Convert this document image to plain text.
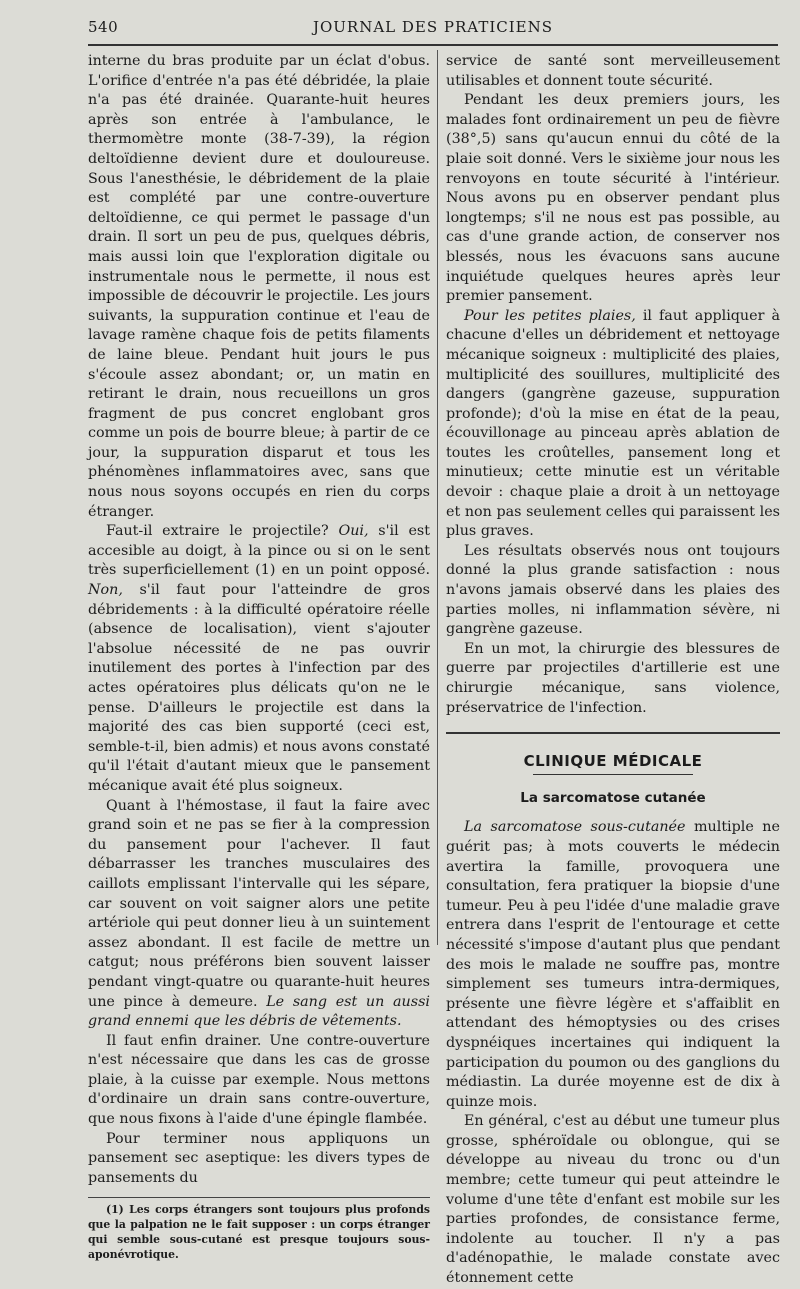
540	JOURNAL DES PRATICIENS

interne du bras produite par un éclat d'obus. L'orifice d'entrée n'a pas été débridée, la plaie n'a pas été drainée. Quarante-huit heures après son entrée à l'ambulance, le thermomètre monte (38-7-39), la région deltoïdienne devient dure et douloureuse. Sous l'anesthésie, le débridement de la plaie est complété par une contre-ouverture deltoïdienne, ce qui permet le passage d'un drain. Il sort un peu de pus, quelques débris, mais aussi loin que l'exploration digitale ou instrumentale nous le permette, il nous est impossible de découvrir le projectile. Les jours suivants, la suppuration continue et l'eau de lavage ramène chaque fois de petits filaments de laine bleue. Pendant huit jours le pus s'écoule assez abondant; or, un matin en retirant le drain, nous recueillons un gros fragment de pus concret englobant gros comme un pois de bourre bleue; à partir de ce jour, la suppuration disparut et tous les phénomènes inflammatoires avec, sans que nous nous soyons occupés en rien du corps étranger.

Faut-il extraire le projectile? Oui, s'il est accesible au doigt, à la pince ou si on le sent très superficiellement (1) en un point opposé. Non, s'il faut pour l'atteindre de gros débridements : à la difficulté opératoire réelle (absence de localisation), vient s'ajouter l'absolue nécessité de ne pas ouvrir inutilement des portes à l'infection par des actes opératoires plus délicats qu'on ne le pense. D'ailleurs le projectile est dans la majorité des cas bien supporté (ceci est, semble-t-il, bien admis) et nous avons constaté qu'il l'était d'autant mieux que le pansement mécanique avait été plus soigneux.

Quant à l'hémostase, il faut la faire avec grand soin et ne pas se fier à la compression du pansement pour l'achever. Il faut débarrasser les tranches musculaires des caillots emplissant l'intervalle qui les sépare, car souvent on voit saigner alors une petite artériole qui peut donner lieu à un suintement assez abondant. Il est facile de mettre un catgut; nous préférons bien souvent laisser pendant vingt-quatre ou quarante-huit heures une pince à demeure. Le sang est un aussi grand ennemi que les débris de vêtements.

Il faut enfin drainer. Une contre-ouverture n'est nécessaire que dans les cas de grosse plaie, à la cuisse par exemple. Nous mettons d'ordinaire un drain sans contre-ouverture, que nous fixons à l'aide d'une épingle flambée.

Pour terminer nous appliquons un pansement sec aseptique: les divers types de pansements du

(1) Les corps étrangers sont toujours plus profonds que la palpation ne le fait supposer : un corps étranger qui semble sous-cutané est presque toujours sous-aponévrotique.

service de santé sont merveilleusement utilisables et donnent toute sécurité.

Pendant les deux premiers jours, les malades font ordinairement un peu de fièvre (38°,5) sans qu'aucun ennui du côté de la plaie soit donné. Vers le sixième jour nous les renvoyons en toute sécurité à l'intérieur. Nous avons pu en observer pendant plus longtemps; s'il ne nous est pas possible, au cas d'une grande action, de conserver nos blessés, nous les évacuons sans aucune inquiétude quelques heures après leur premier pansement.

Pour les petites plaies, il faut appliquer à chacune d'elles un débridement et nettoyage mécanique soigneux : multiplicité des plaies, multiplicité des souillures, multiplicité des dangers (gangrène gazeuse, suppuration profonde); d'où la mise en état de la peau, écouvillonage au pinceau après ablation de toutes les croûtelles, pansement long et minutieux; cette minutie est un véritable devoir : chaque plaie a droit à un nettoyage et non pas seulement celles qui paraissent les plus graves.

Les résultats observés nous ont toujours donné la plus grande satisfaction : nous n'avons jamais observé dans les plaies des parties molles, ni inflammation sévère, ni gangrène gazeuse.

En un mot, la chirurgie des blessures de guerre par projectiles d'artillerie est une chirurgie mécanique, sans violence, préservatrice de l'infection.

CLINIQUE MÉDICALE
La sarcomatose cutanée

La sarcomatose sous-cutanée multiple ne guérit pas; à mots couverts le médecin avertira la famille, provoquera une consultation, fera pratiquer la biopsie d'une tumeur. Peu à peu l'idée d'une maladie grave entrera dans l'esprit de l'entourage et cette nécessité s'impose d'autant plus que pendant des mois le malade ne souffre pas, montre simplement ses tumeurs intra-dermiques, présente une fièvre légère et s'affaiblit en attendant des hémoptysies ou des crises dyspnéiques incertaines qui indiquent la participation du poumon ou des ganglions du médiastin. La durée moyenne est de dix à quinze mois.

En général, c'est au début une tumeur plus grosse, sphéroïdale ou oblongue, qui se développe au niveau du tronc ou d'un membre; cette tumeur qui peut atteindre le volume d'une tête d'enfant est mobile sur les parties profondes, de consistance ferme, indolente au toucher. Il n'y a pas d'adénopathie, le malade constate avec étonnement cette
